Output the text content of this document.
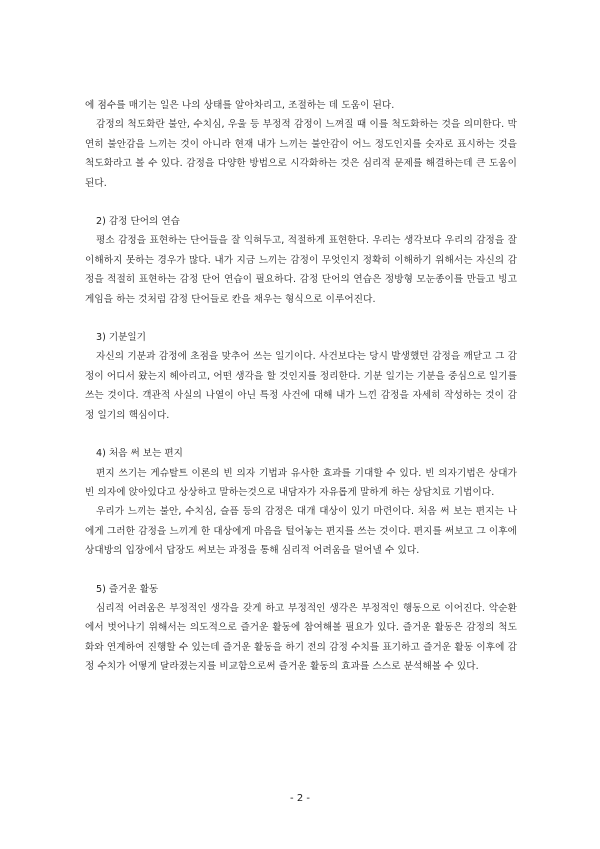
에 점수를 매기는 일은 나의 상태를 알아차리고, 조절하는 데 도움이 된다.

감정의 척도화란 불안, 수치심, 우울 등 부정적 감정이 느껴질 때 이를 척도화하는 것을 의미한다. 막연히 불안감을 느끼는 것이 아니라 현재 내가 느끼는 불안감이 어느 정도인지를 숫자로 표시하는 것을 척도화라고 볼 수 있다. 감정을 다양한 방법으로 시각화하는 것은 심리적 문제를 해결하는데 큰 도움이 된다.

2) 감정 단어의 연습

평소 감정을 표현하는 단어들을 잘 익혀두고, 적절하게 표현한다. 우리는 생각보다 우리의 감정을 잘 이해하지 못하는 경우가 많다. 내가 지금 느끼는 감정이 무엇인지 정확히 이해하기 위해서는 자신의 감정을 적절히 표현하는 감정 단어 연습이 필요하다. 감정 단어의 연습은 정방형 모눈종이를 만들고 빙고 게임을 하는 것처럼 감정 단어들로 칸을 채우는 형식으로 이루어진다.

3) 기분일기

자신의 기분과 감정에 초점을 맞추어 쓰는 일기이다. 사건보다는 당시 발생했던 감정을 깨닫고 그 감정이 어디서 왔는지 헤아리고, 어떤 생각을 할 것인지를 정리한다. 기분 일기는 기분을 중심으로 일기를 쓰는 것이다. 객관적 사실의 나열이 아닌 특정 사건에 대해 내가 느낀 감정을 자세히 작성하는 것이 감정 일기의 핵심이다.

4) 처음 써 보는 편지

편지 쓰기는 게슈탈트 이론의 빈 의자 기법과 유사한 효과를 기대할 수 있다. 빈 의자기법은 상대가 빈 의자에 앉아있다고 상상하고 말하는것으로 내담자가 자유롭게 말하게 하는 상담치료 기법이다.

우리가 느끼는 불안, 수치심, 슬픔 등의 감정은 대개 대상이 있기 마련이다. 처음 써 보는 편지는 나에게 그러한 감정을 느끼게 한 대상에게 마음을 털어놓는 편지를 쓰는 것이다. 편지를 써보고 그 이후에 상대방의 입장에서 답장도 써보는 과정을 통해 심리적 어려움을 덜어낼 수 있다.

5) 즐거운 활동

심리적 어려움은 부정적인 생각을 갖게 하고 부정적인 생각은 부정적인 행동으로 이어진다. 악순환에서 벗어나기 위해서는 의도적으로 즐거운 활동에 참여해볼 필요가 있다. 즐거운 활동은 감정의 척도화와 연계하여 진행할 수 있는데 즐거운 활동을 하기 전의 감정 수치를 표기하고 즐거운 활동 이후에 감정 수치가 어떻게 달라졌는지를 비교함으로써 즐거운 활동의 효과를 스스로 분석해볼 수 있다.

- 2 -
